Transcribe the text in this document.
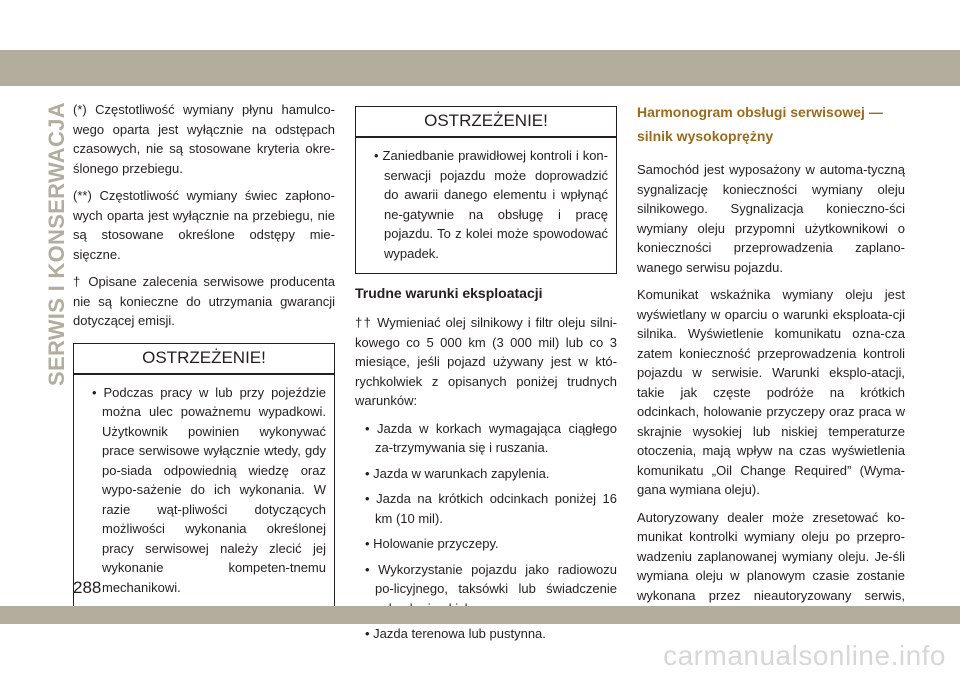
SERWIS I KONSERWACJA (*) Częstotliwość wymiany płynu hamulco-wego oparta jest wyłącznie na odstępach czasowych, nie są stosowane kryteria okre-ślonego przebiegu.

(**) Częstotliwość wymiany świec zapłono-wych oparta jest wyłącznie na przebiegu, nie są stosowane określone odstępy mie-sięczne.

† Opisane zalecenia serwisowe producenta nie są konieczne do utrzymania gwarancji dotyczącej emisji.

OSTRZEŻENIE!
• Podczas pracy w lub przy pojeździe można ulec poważnemu wypadkowi. Użytkownik powinien wykonywać prace serwisowe wyłącznie wtedy, gdy po-siada odpowiednią wiedzę oraz wypo-sażenie do ich wykonania. W razie wąt-pliwości dotyczących możliwości wykonania określonej pracy serwisowej należy zlecić jej wykonanie kompeten-tnemu mechanikowi.
OSTRZEŻENIE!
• Zaniedbanie prawidłowej kontroli i kon-serwacji pojazdu może doprowadzić do awarii danego elementu i wpłynąć ne-gatywnie na obsługę i pracę pojazdu. To z kolei może spowodować wypadek.
Trudne warunki eksploatacji

†† Wymieniać olej silnikowy i filtr oleju silni-kowego co 5 000 km (3 000 mil) lub co 3 miesiące, jeśli pojazd używany jest w któ-rychkolwiek z opisanych poniżej trudnych warunków:

• Jazda w korkach wymagająca ciągłego za-trzymywania się i ruszania.
• Jazda w warunkach zapylenia.
• Jazda na krótkich odcinkach poniżej 16 km (10 mil).
• Holowanie przyczepy.
• Wykorzystanie pojazdu jako radiowozu po-licyjnego, taksówki lub świadczenie
• Jazda terenowa lub pustynna.
Harmonogram obsługi serwisowej — silnik wysokoprężny

Samochód jest wyposażony w automa-tyczną sygnalizację konieczności wymiany oleju silnikowego. Sygnalizacja konieczno-ści wymiany oleju przypomni użytkownikowi o konieczności przeprowadzenia zaplano-wanego serwisu pojazdu.

Komunikat wskaźnika wymiany oleju jest wyświetlany w oparciu o warunki eksploata-cji silnika. Wyświetlenie komunikatu ozna-cza zatem konieczność przeprowadzenia kontroli pojazdu w serwisie. Warunki eksplo-atacji, takie jak częste podróże na krótkich odcinkach, holowanie przyczepy oraz praca w skrajnie wysokiej lub niskiej temperaturze otoczenia, mają wpływ na czas wyświetlenia komunikatu „Oil Change Required” (Wyma-gana wymiana oleju).

Autoryzowany dealer może zresetować ko-munikat kontrolki wymiany oleju po przepro-wadzeniu zaplanowanej wymiany oleju. Je-śli wymiana oleju w planowym czasie zostanie wykonana przez nieautoryzowany serwis,

288
carmanualsonline.info
